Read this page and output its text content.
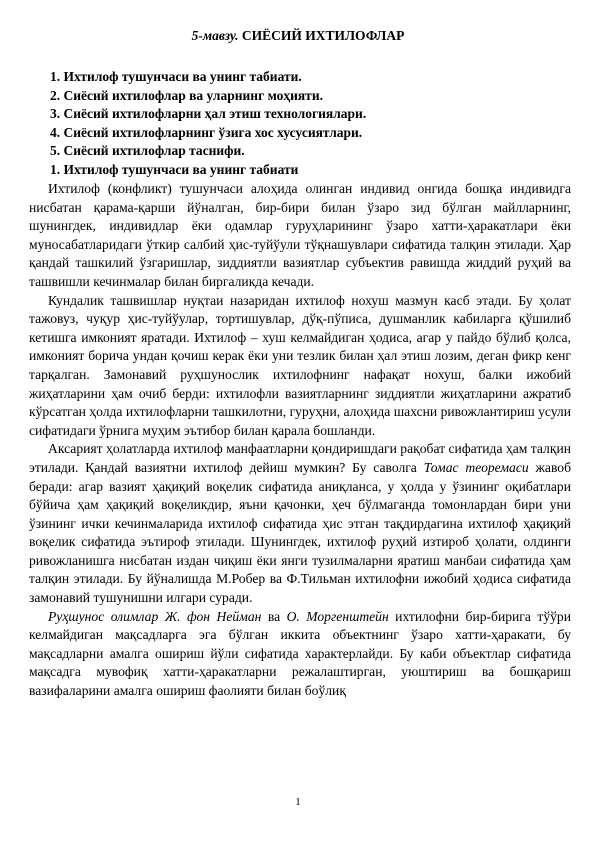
5-мавзу. СИЁСИЙ ИХТИЛОФЛАР
1. Ихтилоф тушунчаси ва унинг табиати.
2. Сиёсий ихтилофлар ва уларнинг моҳияти.
3. Сиёсий ихтилофларни ҳал этиш технологиялари.
4. Сиёсий ихтилофларнинг ўзига хос хусусиятлари.
5. Сиёсий ихтилофлар таснифи.
1. Ихтилоф тушунчаси ва унинг табиати

Ихтилоф (конфликт) тушунчаси алоҳида олинган индивид онгида бошқа индивидга нисбатан қарама-қарши йўналган, бир-бири билан ўзаро зид бўлган майлларнинг, шунингдек, индивидлар ёки одамлар гуруҳларининг ўзаро хатти-ҳаракатлари ёки муносабатларидаги ўткир салбий ҳис-туйўули тўқнашувлари сифатида талқин этилади. Ҳар қандай ташкилий ўзгаришлар, зиддиятли вазиятлар субъектив равишда жиддий руҳий ва ташвишли кечинмалар билан биргаликда кечади.

Кундалик ташвишлар нуқтаи назаридан ихтилоф нохуш мазмун касб этади. Бу ҳолат тажовуз, чуқур ҳис-туйўулар, тортишувлар, дўқ-пўписа, душманлик кабиларга қўшилиб кетишга имконият яратади. Ихтилоф – хуш келмайдиган ҳодиса, агар у пайдо бўлиб қолса, имконият борича ундан қочиш керак ёки уни тезлик билан ҳал этиш лозим, деган фикр кенг тарқалган. Замонавий руҳшунослик ихтилофнинг нафақат нохуш, балки ижобий жиҳатларини ҳам очиб берди: ихтилофли вазиятларнинг зиддиятли жиҳатларини ажратиб кўрсатган ҳолда ихтилофларни ташкилотни, гуруҳни, алоҳида шахсни ривожлантириш усули сифатидаги ўрнига муҳим эътибор билан қарала бошланди.

Аксарият ҳолатларда ихтилоф манфаатларни қондиришдаги рақобат сифатида ҳам талқин этилади. Қандай вазиятни ихтилоф дейиш мумкин? Бу саволга Томас теоремаси жавоб беради: агар вазият ҳақиқий воқелик сифатида аниқланса, у ҳолда у ўзининг оқибатлари бўйича ҳам ҳақиқий воқеликдир, яъни қачонки, ҳеч бўлмаганда томонлардан бири уни ўзининг ички кечинмаларида ихтилоф сифатида ҳис этган тақдирдагина ихтилоф ҳақиқий воқелик сифатида эътироф этилади. Шунингдек, ихтилоф руҳий изтироб ҳолати, олдинги ривожланишга нисбатан издан чиқиш ёки янги тузилмаларни яратиш манбаи сифатида ҳам талқин этилади. Бу йўналишда М.Робер ва Ф.Тильман ихтилофни ижобий ҳодиса сифатида замонавий тушунишни илгари суради.

Руҳшунос олимлар Ж. фон Нейман ва О. Моргенштейн ихтилофни бир-бирига тўўри келмайдиган мақсадларга эга бўлган иккита объектнинг ўзаро хатти-ҳаракати, бу мақсадларни амалга ошириш йўли сифатида характерлайди. Бу каби объектлар сифатида мақсадга мувофиқ хатти-ҳаракатларни режалаштирган, уюштириш ва бошқариш вазифаларини амалга ошириш фаолияти билан боўлиқ

1
